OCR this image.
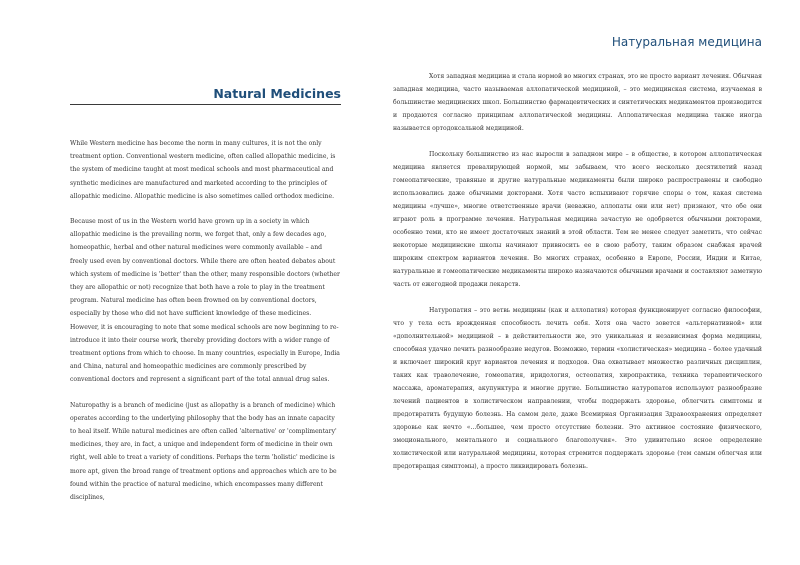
Natural Medicines

While Western medicine has become the norm in many cultures, it is not the only treatment option. Conventional western medicine, often called allopathic medicine, is the system of medicine taught at most medical schools and most pharmaceutical and synthetic medicines are manufactured and marketed according to the principles of allopathic medicine. Allopathic medicine is also sometimes called orthodox medicine.

Because most of us in the Western world have grown up in a society in which allopathic medicine is the prevailing norm, we forget that, only a few decades ago, homeopathic, herbal and other natural medicines were commonly available – and freely used even by conventional doctors. While there are often heated debates about which system of medicine is 'better' than the other, many responsible doctors (whether they are allopathic or not) recognize that both have a role to play in the treatment program. Natural medicine has often been frowned on by conventional doctors, especially by those who did not have sufficient knowledge of these medicines. However, it is encouraging to note that some medical schools are now beginning to re-introduce it into their course work, thereby providing doctors with a wider range of treatment options from which to choose. In many countries, especially in Europe, India and China, natural and homeopathic medicines are commonly prescribed by conventional doctors and represent a significant part of the total annual drug sales.

Naturopathy is a branch of medicine (just as allopathy is a branch of medicine) which operates according to the underlying philosophy that the body has an innate capacity to heal itself. While natural medicines are often called 'alternative' or 'complimentary' medicines, they are, in fact, a unique and independent form of medicine in their own right, well able to treat a variety of conditions. Perhaps the term 'holistic' medicine is more apt, given the broad range of treatment options and approaches which are to be found within the practice of natural medicine, which encompasses many different disciplines,

Натуральная медицина

Хотя западная медицина и стала нормой во многих странах, это не просто вариант лечения. Обычная западная медицина, часто называемая аллопатической медициной, – это медицинская система, изучаемая в большинстве медицинских школ. Большинство фармацевтических и синтетических медикаментов производится и продаются согласно принципам аллопатической медицины. Аллопатическая медицина также иногда называется ортодоксальной медициной.

Поскольку большинство из нас выросли в западном мире – в обществе, в котором аллопатическая медицина является превалирующей нормой, мы забываем, что всего несколько десятилетий назад гомеопатические, травяные и другие натуральные медикаменты были широко распространены и свободно использовались даже обычными докторами. Хотя часто вспыхивают горячие споры о том, какая система медицины «лучше», многие ответственные врачи (неважно, аллопаты они или нет) признают, что обе они играют роль в программе лечения. Натуральная медицина зачастую не одобряется обычными докторами, особенно теми, кто не имеет достаточных знаний в этой области. Тем не менее следует заметить, что сейчас некоторые медицинские школы начинают привносить ее в свою работу, таким образом снабжая врачей широким спектром вариантов лечения. Во многих странах, особенно в Европе, России, Индии и Китае, натуральные и гомеопатические медикаменты широко назначаются обычными врачами и составляют заметную часть от ежегодной продажи лекарств.

Натуропатия – это ветвь медицины (как и аллопатия) которая функционирует согласно философии, что у тела есть врожденная способность лечить себя. Хотя она часто зовется «альтернативной» или «дополнительной» медициной – в действительности же, это уникальная и независимая форма медицины, способная удачно лечить разнообразие недугов. Возможно, термин «холистическая» медицина – более удачный и включает широкий круг вариантов лечения и подходов. Она охватывает множество различных дисциплин, таких как траволечение, гомеопатия, иридология, остеопатия, хиропрактика, техника терапевтического массажа, ароматерапия, акупунктура и многие другие. Большинство натуропатов используют разнообразие лечений пациентов в холистическом направлении, чтобы поддержать здоровье, облегчить симптомы и предотвратить будущую болезнь. На самом деле, даже Всемирная Организация Здравоохранения определяет здоровье как нечто «...большее, чем просто отсутствие болезни. Это активное состояние физического, эмоционального, ментального и социального благополучия». Это удивительно ясное определение холистической или натуральной медицины, которая стремится поддержать здоровье (тем самым облегчая или предотвращая симптомы), а просто ликвидировать болезнь.
